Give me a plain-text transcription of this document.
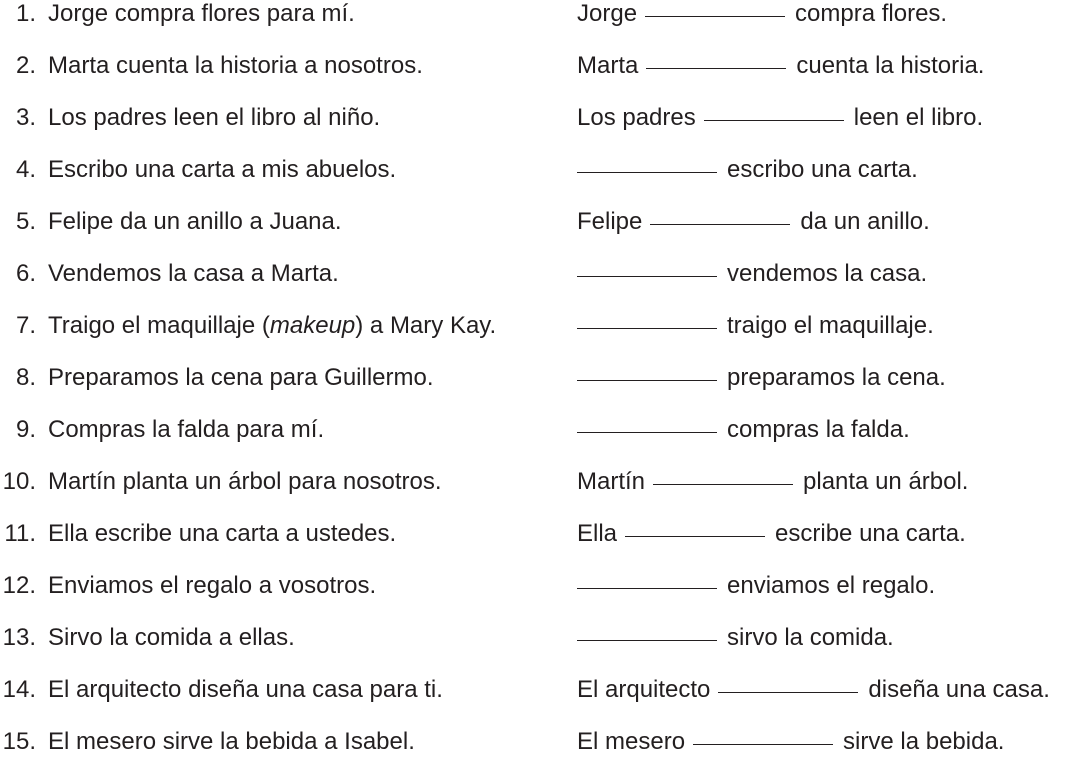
1. Jorge compra flores para mí.	Jorge	compra flores.
2. Marta cuenta la historia a nosotros.	Marta	cuenta la historia.
3. Los padres leen el libro al niño.	Los padres	leen el libro.
4. Escribo una carta a mis abuelos.	escribo una carta.
5. Felipe da un anillo a Juana.	Felipe	da un anillo.
6. Vendemos la casa a Marta.	vendemos la casa.
7. Traigo el maquillaje (makeup) a Mary Kay.	traigo el maquillaje.
8. Preparamos la cena para Guillermo.	preparamos la cena.
9. Compras la falda para mí.	compras la falda.
10. Martín planta un árbol para nosotros.	Martín	planta un árbol.
11. Ella escribe una carta a ustedes.	Ella	escribe una carta.
12. Enviamos el regalo a vosotros.	enviamos el regalo.
13. Sirvo la comida a ellas.	sirvo la comida.
14. El arquitecto diseña una casa para ti.	El arquitecto	diseña una casa.
15. El mesero sirve la bebida a Isabel.	El mesero	sirve la bebida.
